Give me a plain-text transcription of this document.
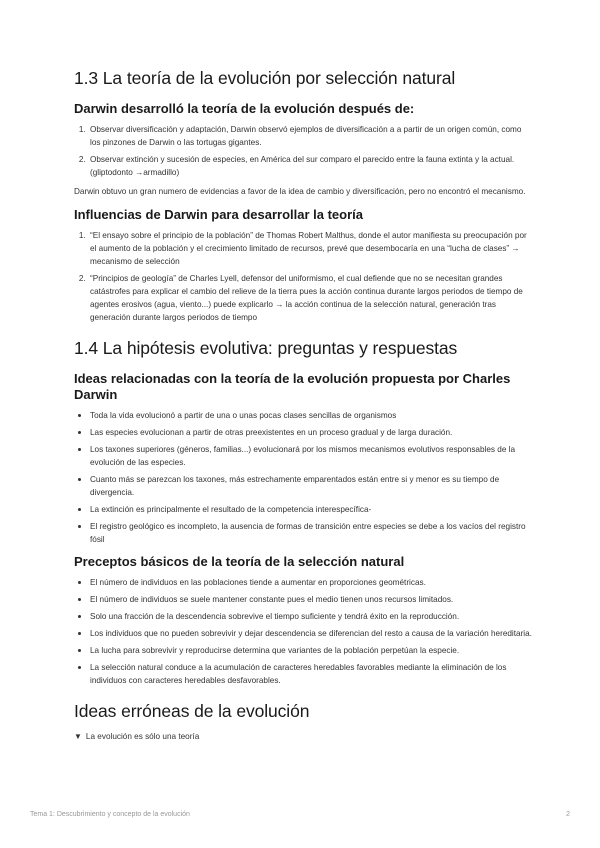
1.3 La teoría de la evolución por selección natural
Darwin desarrolló la teoría de la evolución después de:
1. Observar diversificación y adaptación, Darwin observó ejemplos de diversificación a a partir de un origen común, como los pinzones de Darwin o las tortugas gigantes.
2. Observar extinción y sucesión de especies, en América del sur comparo el parecido entre la fauna extinta y la actual. (gliptodonto →armadillo)

Darwin obtuvo un gran numero de evidencias a favor de la idea de cambio y diversificación, pero no encontró el mecanismo.

Influencias de Darwin para desarrollar la teoría
1. “El ensayo sobre el principio de la población” de Thomas Robert Malthus, donde el autor manifiesta su preocupación por el aumento de la población y el crecimiento limitado de recursos, prevé que desembocaría en una “lucha de clases” → mecanismo de selección
2. “Principios de geología” de Charles Lyell, defensor del uniformismo, el cual defiende que no se necesitan grandes catástrofes para explicar el cambio del relieve de la tierra pues la acción continua durante largos periodos de tiempo de agentes erosivos (agua, viento...) puede explicarlo → la acción continua de la selección natural, generación tras generación durante largos periodos de tiempo
1.4 La hipótesis evolutiva: preguntas y respuestas
Ideas relacionadas con la teoría de la evolución propuesta por Charles Darwin
Toda la vida evolucionó a partir de una o unas pocas clases sencillas de organismos
Las especies evolucionan a partir de otras preexistentes en un proceso gradual y de larga duración.
Los taxones superiores (géneros, familias...) evolucionará por los mismos mecanismos evolutivos responsables de la evolución de las especies.
Cuanto más se parezcan los taxones, más estrechamente emparentados están entre si y menor es su tiempo de divergencia.
La extinción es principalmente el resultado de la competencia interespecífica-
El registro geológico es incompleto, la ausencia de formas de transición entre especies se debe a los vacíos del registro fósil
Preceptos básicos de la teoría de la selección natural
El número de individuos en las poblaciones tiende a aumentar en proporciones geométricas.
El número de individuos se suele mantener constante pues el medio tienen unos recursos limitados.
Solo una fracción de la descendencia sobrevive el tiempo suficiente y tendrá éxito en la reproducción.
Los individuos que no pueden sobrevivir y dejar descendencia se diferencian del resto a causa de la variación hereditaria.
La lucha para sobrevivir y reproducirse determina que variantes de la población perpetúan la especie.
La selección natural conduce a la acumulación de caracteres heredables favorables mediante la eliminación de los individuos con caracteres heredables desfavorables.
Ideas erróneas de la evolución
▼ La evolución es sólo una teoría
Tema 1: Descubrimiento y concepto de la evolución	2
